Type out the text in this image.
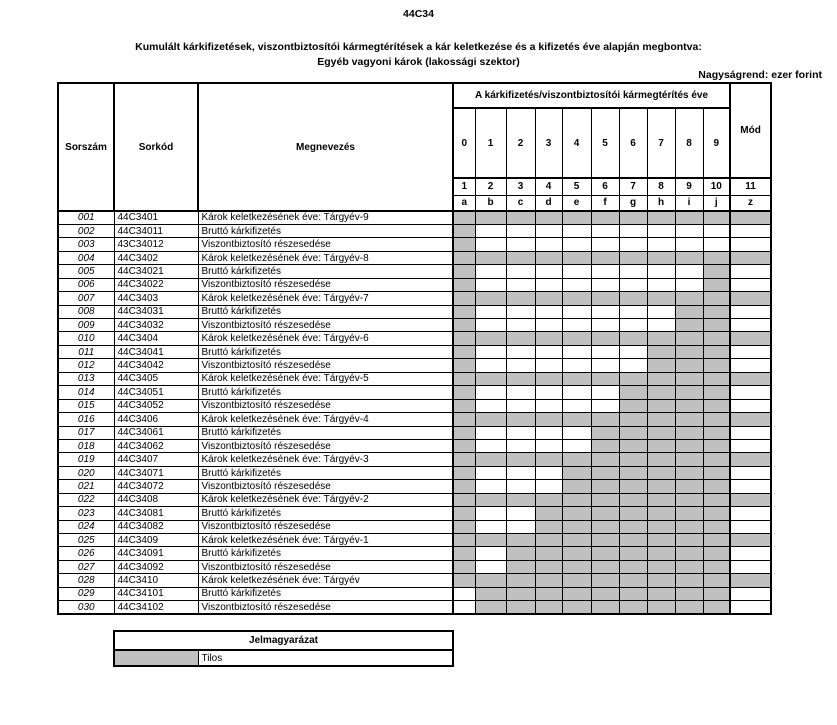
44C34
Kumulált kárkifizetések, viszontbiztosítói kármegtérítések a kár keletkezése és a kifizetés éve alapján megbontva:
Egyéb vagyoni károk (lakossági szektor)
Nagyságrend: ezer forint
Sorszám	Sorkód	Megnevezés	A kárkifizetés/viszontbiztosítói kármegtérítés éve										Mód
			0	1	2	3	4	5	6	7	8	9	
			1	2	3	4	5	6	7	8	9	10	11
			a	b	c	d	e	f	g	h	i	j	z
001	44C3401	Károk keletkezésének éve: Tárgyév-9											
002	44C34011	Bruttó kárkifizetés											
003	43C34012	Viszontbiztosító részesedése											
004	44C3402	Károk keletkezésének éve: Tárgyév-8											
005	44C34021	Bruttó kárkifizetés											
006	44C34022	Viszontbiztosító részesedése											
007	44C3403	Károk keletkezésének éve: Tárgyév-7											
008	44C34031	Bruttó kárkifizetés											
009	44C34032	Viszontbiztosító részesedése											
010	44C3404	Károk keletkezésének éve: Tárgyév-6											
011	44C34041	Bruttó kárkifizetés											
012	44C34042	Viszontbiztosító részesedése											
013	44C3405	Károk keletkezésének éve: Tárgyév-5											
014	44C34051	Bruttó kárkifizetés											
015	44C34052	Viszontbiztosító részesedése											
016	44C3406	Károk keletkezésének éve: Tárgyév-4											
017	44C34061	Bruttó kárkifizetés											
018	44C34062	Viszontbiztosító részesedése											
019	44C3407	Károk keletkezésének éve: Tárgyév-3											
020	44C34071	Bruttó kárkifizetés											
021	44C34072	Viszontbiztosító részesedése											
022	44C3408	Károk keletkezésének éve: Tárgyév-2											
023	44C34081	Bruttó kárkifizetés											
024	44C34082	Viszontbiztosító részesedése											
025	44C3409	Károk keletkezésének éve: Tárgyév-1											
026	44C34091	Bruttó kárkifizetés											
027	44C34092	Viszontbiztosító részesedése											
028	44C3410	Károk keletkezésének éve: Tárgyév											
029	44C34101	Bruttó kárkifizetés											
030	44C34102	Viszontbiztosító részesedése											
Jelmagyarázat
	Tilos
